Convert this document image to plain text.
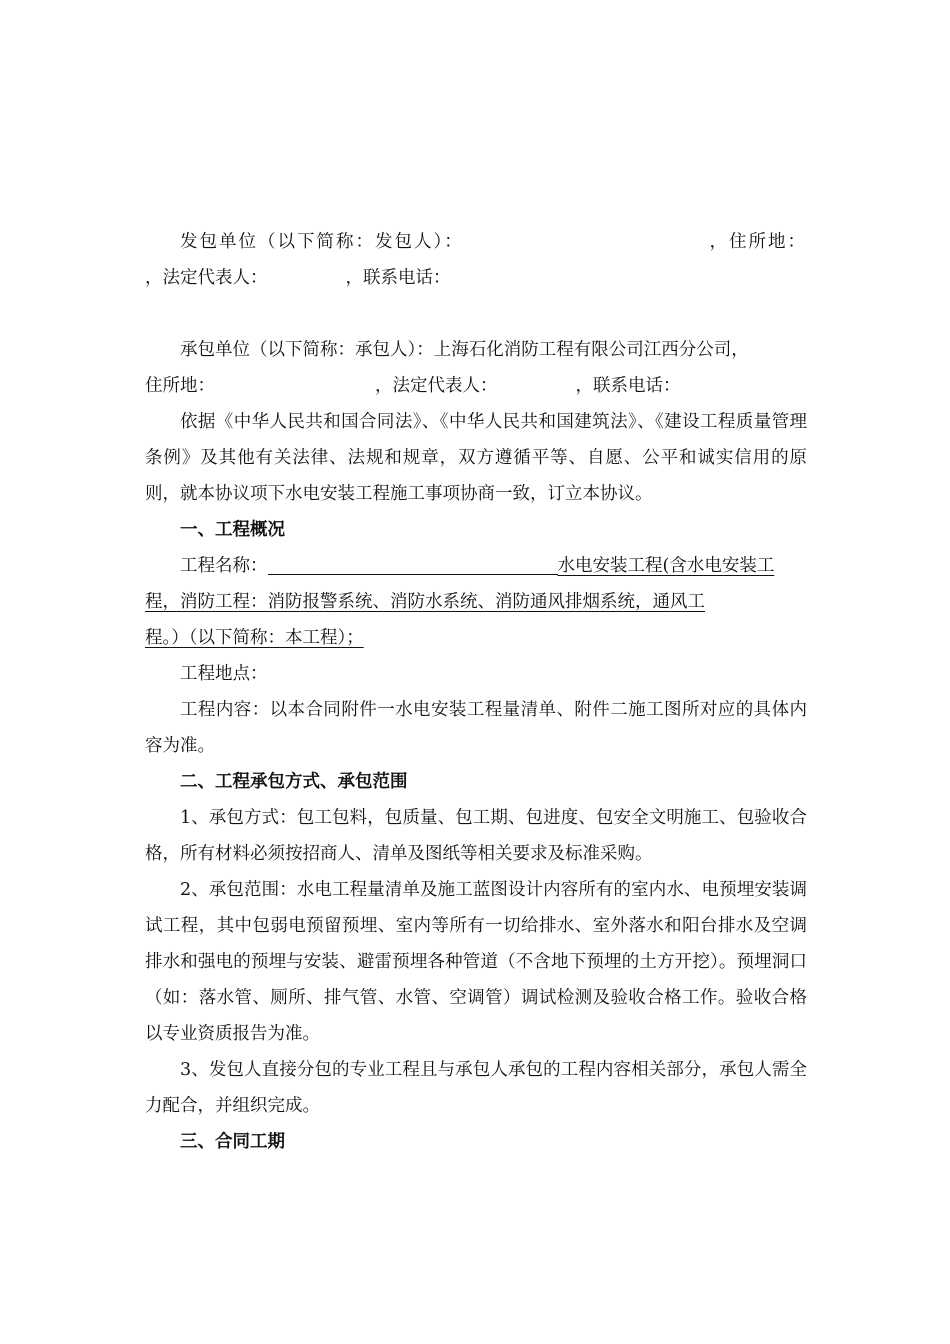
发包单位（以下简称：发包人）：	，住所地：

，法定代表人：	，联系电话：

承包单位（以下简称：承包人）：上海石化消防工程有限公司江西分公司，

住所地：	，法定代表人：	，联系电话：

依据《中华人民共和国合同法》、《中华人民共和国建筑法》、《建设工程质量管理条例》及其他有关法律、法规和规章，双方遵循平等、自愿、公平和诚实信用的原则，就本协议项下水电安装工程施工事项协商一致，订立本协议。

一、工程概况

工程名称：	水电安装工程(含水电安装工

程，消防工程：消防报警系统、消防水系统、消防通风排烟系统，通风工

程。）（以下简称：本工程）；

工程地点：

工程内容：以本合同附件一水电安装工程量清单、附件二施工图所对应的具体内容为准。

二、工程承包方式、承包范围

1、承包方式：包工包料，包质量、包工期、包进度、包安全文明施工、包验收合格，所有材料必须按招商人、清单及图纸等相关要求及标准采购。

2、承包范围：水电工程量清单及施工蓝图设计内容所有的室内水、电预埋安装调试工程，其中包弱电预留预埋、室内等所有一切给排水、室外落水和阳台排水及空调排水和强电的预埋与安装、避雷预埋各种管道（不含地下预埋的土方开挖）。预埋洞口（如：落水管、厕所、排气管、水管、空调管）调试检测及验收合格工作。验收合格以专业资质报告为准。

3、发包人直接分包的专业工程且与承包人承包的工程内容相关部分，承包人需全力配合，并组织完成。

三、合同工期
